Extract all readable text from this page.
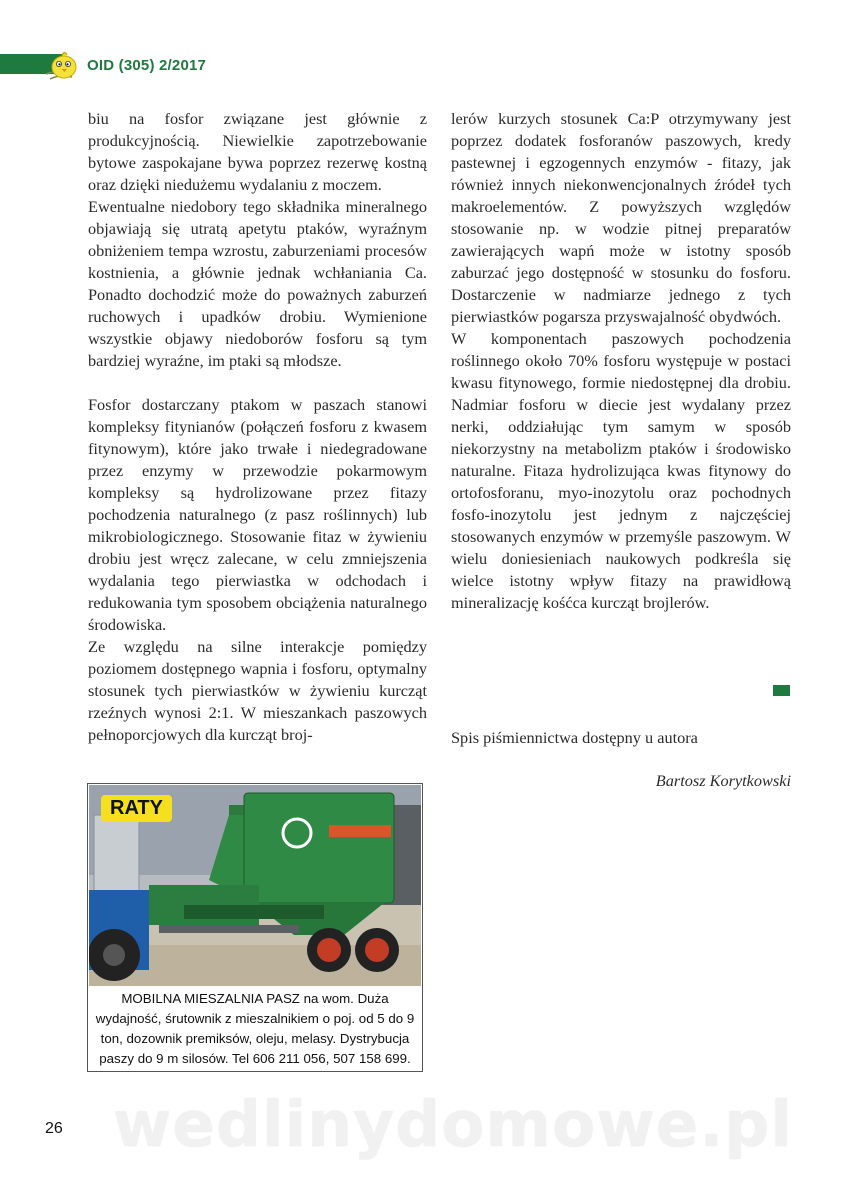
OID (305) 2/2017

biu na fosfor związane jest głównie z produkcyjnością. Niewielkie zapotrzebowanie bytowe zaspokajane bywa poprzez rezerwę kostną oraz dzięki niedużemu wydalaniu z moczem.

Ewentualne niedobory tego składnika mineralnego objawiają się utratą apetytu ptaków, wyraźnym obniżeniem tempa wzrostu, zaburzeniami procesów kostnienia, a głównie jednak wchłaniania Ca. Ponadto dochodzić może do poważnych zaburzeń ruchowych i upadków drobiu. Wymienione wszystkie objawy niedoborów fosforu są tym bardziej wyraźne, im ptaki są młodsze.

Fosfor dostarczany ptakom w paszach stanowi kompleksy fitynianów (połączeń fosforu z kwasem fitynowym), które jako trwałe i niedegradowane przez enzymy w przewodzie pokarmowym kompleksy są hydrolizowane przez fitazy pochodzenia naturalnego (z pasz roślinnych) lub mikrobiologicznego. Stosowanie fitaz w żywieniu drobiu jest wręcz zalecane, w celu zmniejszenia wydalania tego pierwiastka w odchodach i redukowania tym sposobem obciążenia naturalnego środowiska.

Ze względu na silne interakcje pomiędzy poziomem dostępnego wapnia i fosforu, optymalny stosunek tych pierwiastków w żywieniu kurcząt rzeźnych wynosi 2:1. W mieszankach paszowych pełnoporcjowych dla kurcząt broj-

lerów kurzych stosunek Ca:P otrzymywany jest poprzez dodatek fosforanów paszowych, kredy pastewnej i egzogennych enzymów - fitazy, jak również innych niekonwencjonalnych źródeł tych makroelementów. Z powyższych względów stosowanie np. w wodzie pitnej preparatów zawierających wapń może w istotny sposób zaburzać jego dostępność w stosunku do fosforu. Dostarczenie w nadmiarze jednego z tych pierwiastków pogarsza przyswajalność obydwóch.

W komponentach paszowych pochodzenia roślinnego około 70% fosforu występuje w postaci kwasu fitynowego, formie niedostępnej dla drobiu. Nadmiar fosforu w diecie jest wydalany przez nerki, oddziałując tym samym w sposób niekorzystny na metabolizm ptaków i środowisko naturalne. Fitaza hydrolizująca kwas fitynowy do ortofosforanu, myo-inozytolu oraz pochodnych fosfo-inozytolu jest jednym z najczęściej stosowanych enzymów w przemyśle paszowym. W wielu doniesieniach naukowych podkreśla się wielce istotny wpływ fitazy na prawidłową mineralizację kośćca kurcząt brojlerów.

Spis piśmiennictwa dostępny u autora
Bartosz Korytkowski
RATY
MOBILNA MIESZALNIA PASZ na wom. Duża wydajność, śrutownik z mieszalnikiem o poj. od 5 do 9 ton, dozownik premiksów, oleju, melasy. Dystrybucja paszy do 9 m silosów. Tel 606 211 056, 507 158 699.
26 wedlinydomowe.pl
